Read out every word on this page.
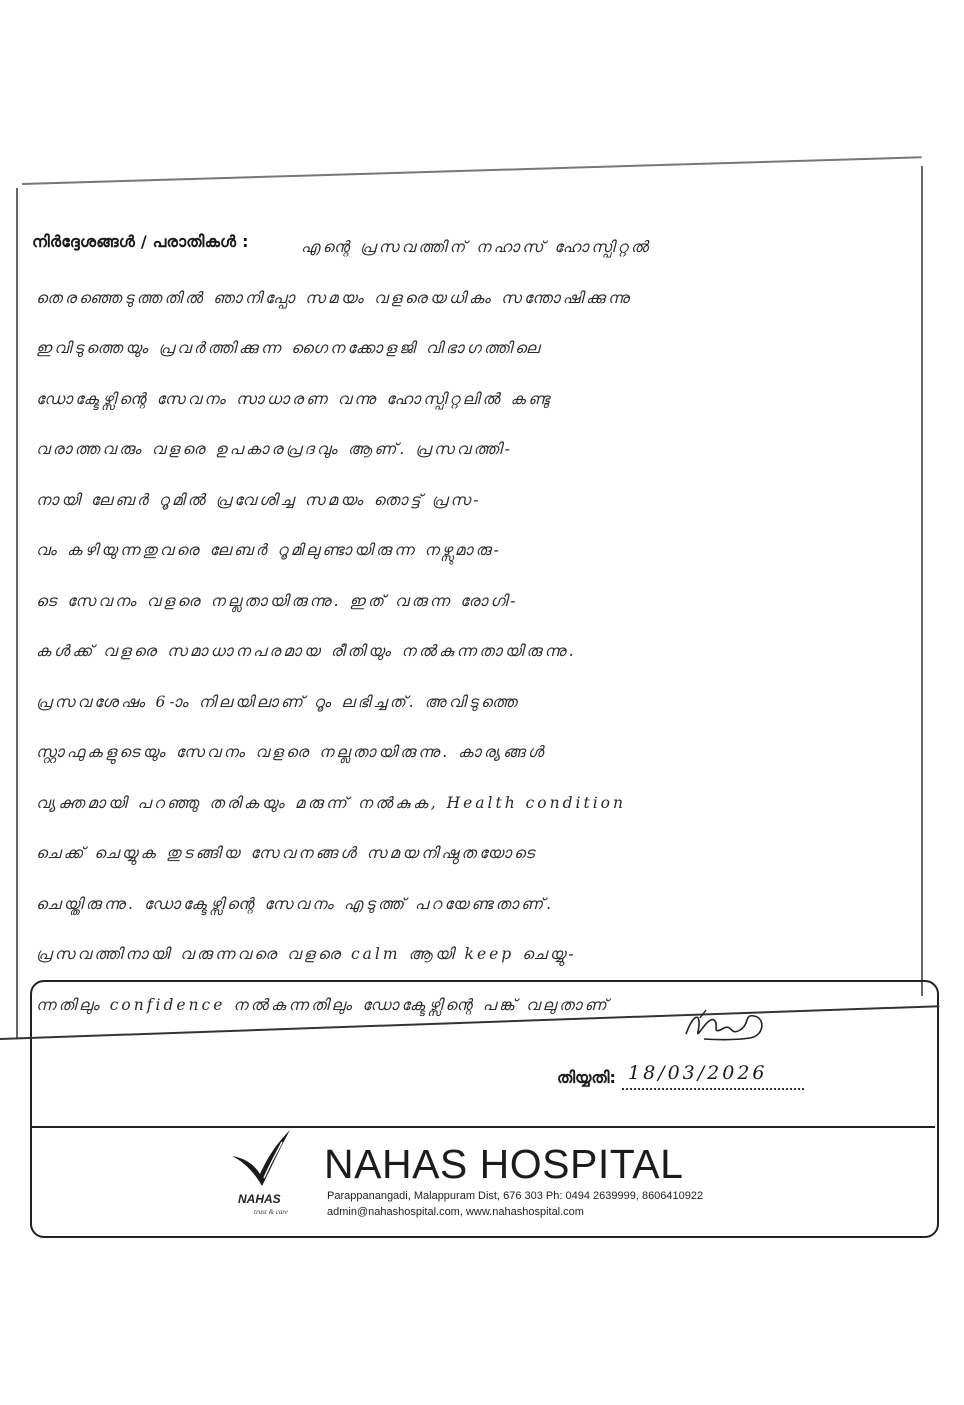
നിർദ്ദേശങ്ങൾ / പരാതികൾ :	എന്റെ പ്രസവത്തിന് നഹാസ് ഹോസ്പിറ്റൽ
തെരഞ്ഞെടുത്തതിൽ ഞാനിപ്പോ സമയം വളരെയധികം സന്തോഷിക്കുന്നു
ഇവിടുത്തെയും പ്രവർത്തിക്കുന്ന ഗൈനക്കോളജി വിഭാഗത്തിലെ
ഡോക്ടേഴ്സിന്റെ സേവനം സാധാരണ വന്നു ഹോസ്പിറ്റലിൽ കണ്ടു
വരാത്തവരും വളരെ ഉപകാരപ്രദവും ആണ്. പ്രസവത്തി-
നായി ലേബർ റൂമിൽ പ്രവേശിച്ച സമയം തൊട്ട് പ്രസ-
വം കഴിയുന്നതുവരെ ലേബർ റൂമിലുണ്ടായിരുന്ന നഴ്സുമാരു-
ടെ സേവനം വളരെ നല്ലതായിരുന്നു. ഇത് വരുന്ന രോഗി-
കൾക്ക് വളരെ സമാധാനപരമായ രീതിയും നൽകുന്നതായിരുന്നു.
പ്രസവശേഷം 6-ാം നിലയിലാണ് റൂം ലഭിച്ചത്. അവിടുത്തെ
സ്റ്റാഫുകളുടെയും സേവനം വളരെ നല്ലതായിരുന്നു. കാര്യങ്ങൾ
വ്യക്തമായി പറഞ്ഞു തരികയും മരുന്ന് നൽകുക, Health condition
ചെക്ക് ചെയ്യുക തുടങ്ങിയ സേവനങ്ങൾ സമയനിഷ്ഠതയോടെ
ചെയ്തിരുന്നു. ഡോക്ടേഴ്സിന്റെ സേവനം എടുത്ത് പറയേണ്ടതാണ്.
പ്രസവത്തിനായി വരുന്നവരെ വളരെ calm ആയി keep ചെയ്യു-
ന്നതിലും confidence നൽകുന്നതിലും ഡോക്ടേഴ്സിന്റെ പങ്ക് വലുതാണ്
തിയ്യതി: 18/03/2026
NAHAS
trust & care
NAHAS HOSPITAL
Parappanangadi, Malappuram Dist, 676 303 Ph: 0494 2639999, 8606410922
admin@nahashospital.com, www.nahashospital.com
